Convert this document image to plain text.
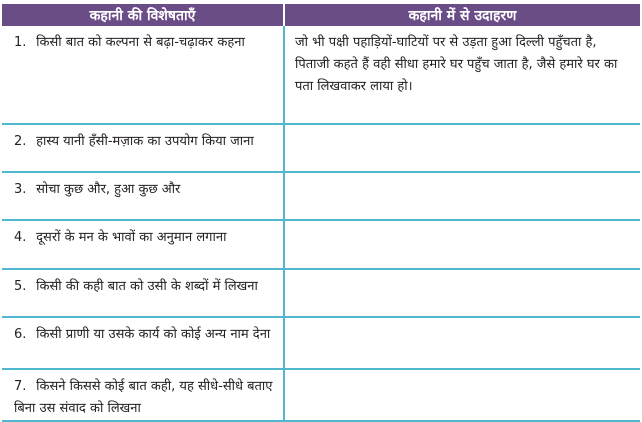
कहानी की विशेषताएँ	कहानी में से उदाहरण
1. किसी बात को कल्पना से बढ़ा-चढ़ाकर कहना	जो भी पक्षी पहाड़ियों-घाटियों पर से उड़ता हुआ दिल्ली पहुँचता है, पिताजी कहते हैं वही सीधा हमारे घर पहुँच जाता है, जैसे हमारे घर का पता लिखवाकर लाया हो।
2. हास्य यानी हँसी-मज़ाक का उपयोग किया जाना	
3. सोचा कुछ और, हुआ कुछ और	
4. दूसरों के मन के भावों का अनुमान लगाना	
5. किसी की कही बात को उसी के शब्दों में लिखना	
6. किसी प्राणी या उसके कार्य को कोई अन्य नाम देना	
7. किसने किससे कोई बात कही, यह सीधे-सीधे बताए बिना उस संवाद को लिखना	
